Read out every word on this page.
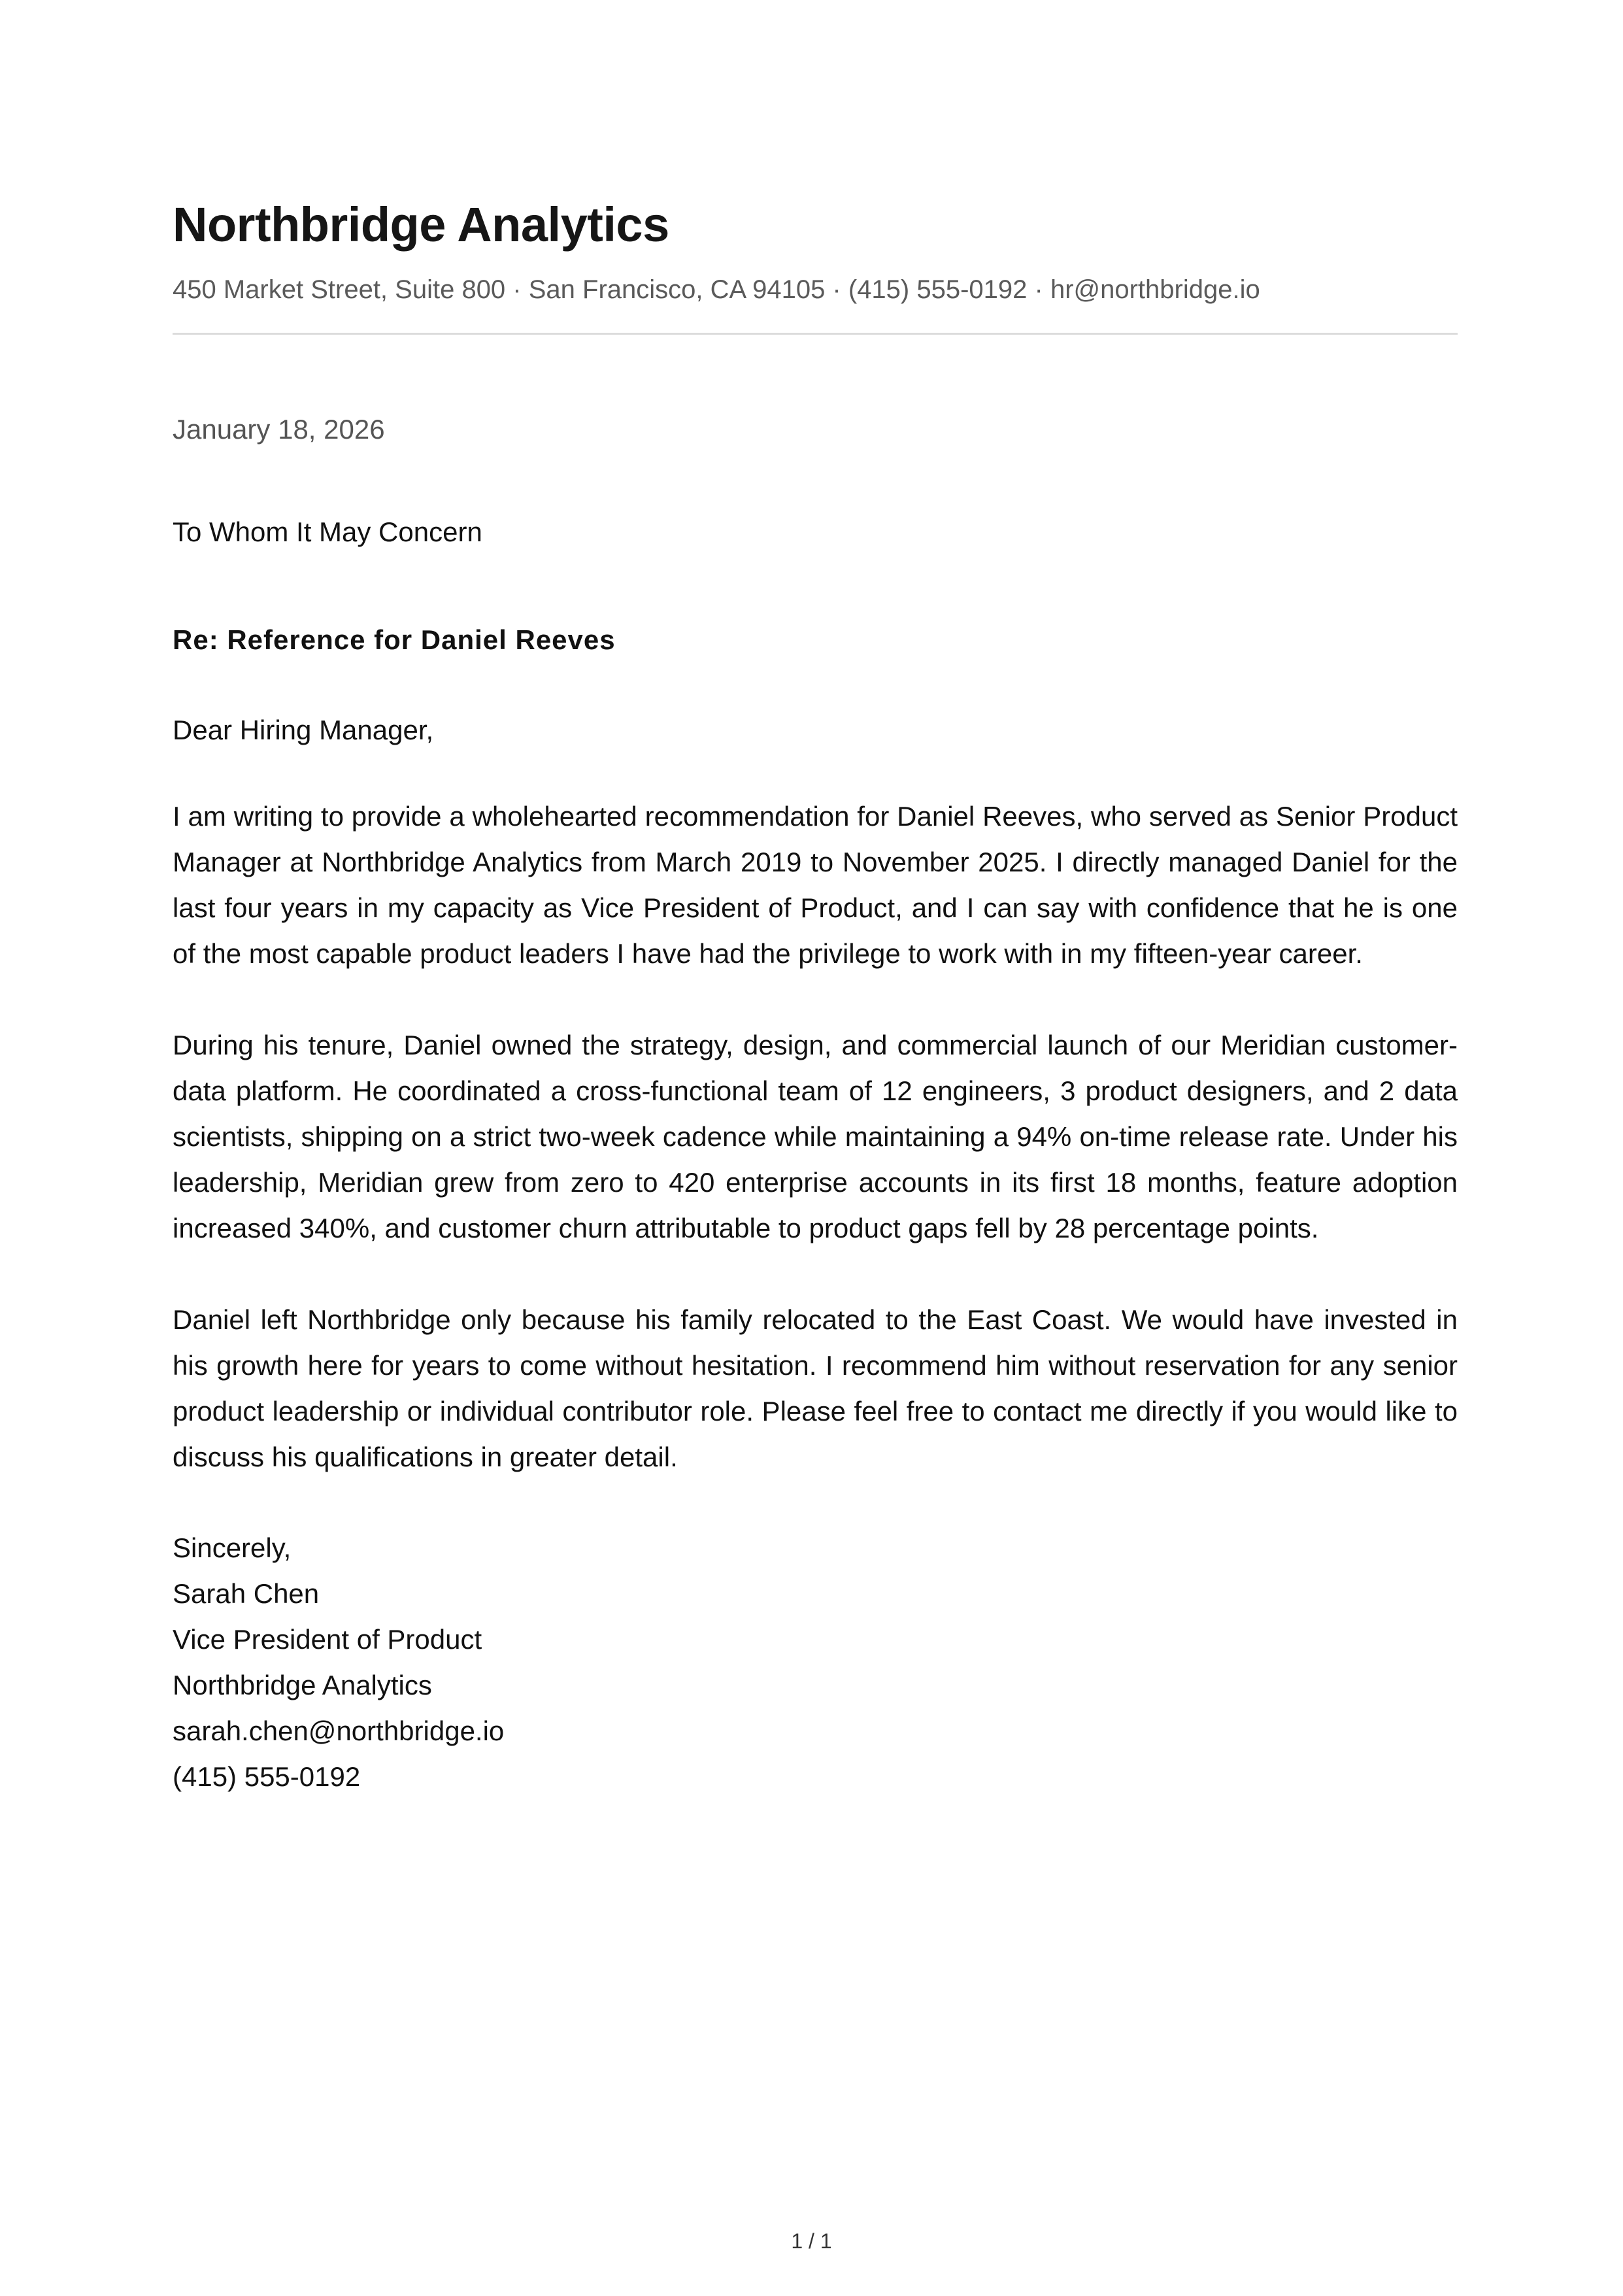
Northbridge Analytics
450 Market Street, Suite 800 · San Francisco, CA 94105 · (415) 555-0192 · hr@northbridge.io
January 18, 2026
To Whom It May Concern
Re: Reference for Daniel Reeves
Dear Hiring Manager,

I am writing to provide a wholehearted recommendation for Daniel Reeves, who served as Senior Product Manager at Northbridge Analytics from March 2019 to November 2025. I directly managed Daniel for the last four years in my capacity as Vice President of Product, and I can say with confidence that he is one of the most capable product leaders I have had the privilege to work with in my fifteen-year career.

During his tenure, Daniel owned the strategy, design, and commercial launch of our Meridian customer-data platform. He coordinated a cross-functional team of 12 engineers, 3 product designers, and 2 data scientists, shipping on a strict two-week cadence while maintaining a 94% on-time release rate. Under his leadership, Meridian grew from zero to 420 enterprise accounts in its first 18 months, feature adoption increased 340%, and customer churn attributable to product gaps fell by 28 percentage points.

Daniel left Northbridge only because his family relocated to the East Coast. We would have invested in his growth here for years to come without hesitation. I recommend him without reservation for any senior product leadership or individual contributor role. Please feel free to contact me directly if you would like to discuss his qualifications in greater detail.

Sincerely,
Sarah Chen
Vice President of Product
Northbridge Analytics
sarah.chen@northbridge.io
(415) 555-0192
1 / 1
